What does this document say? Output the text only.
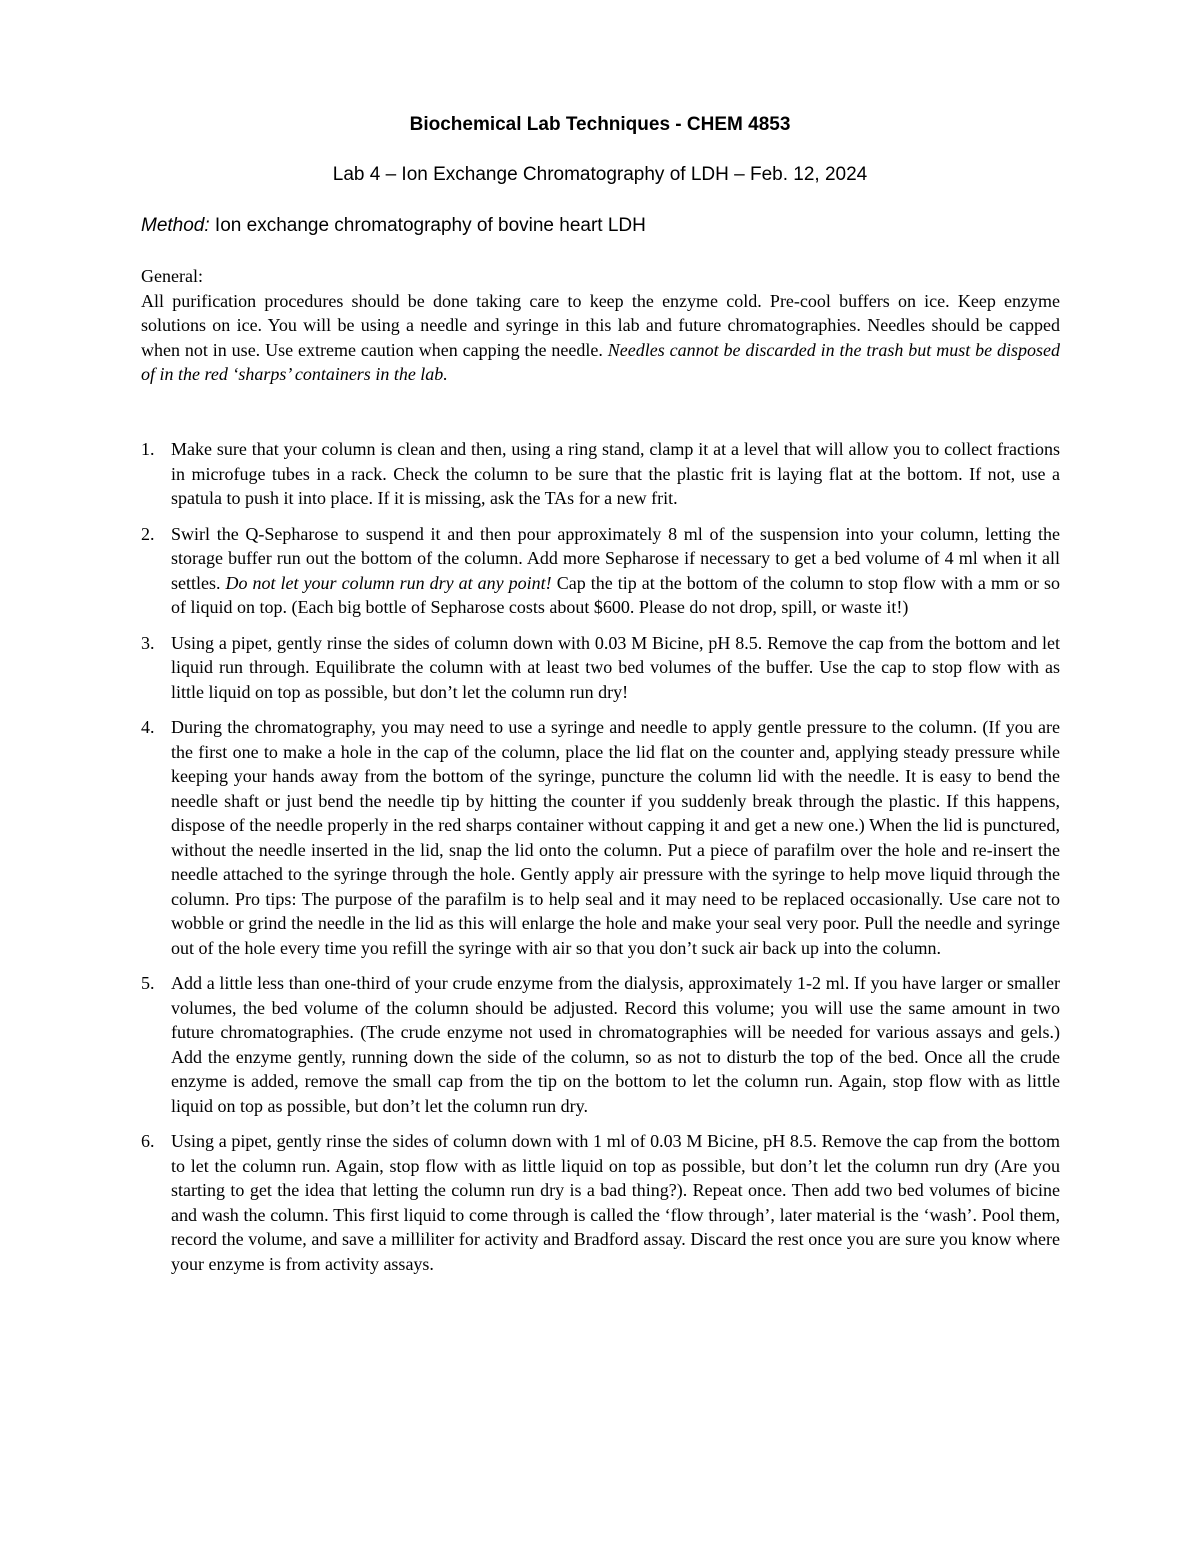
Biochemical Lab Techniques - CHEM 4853
Lab 4 – Ion Exchange Chromatography of LDH – Feb. 12, 2024
Method: Ion exchange chromatography of bovine heart LDH
General:
All purification procedures should be done taking care to keep the enzyme cold. Pre-cool buffers on ice. Keep enzyme solutions on ice. You will be using a needle and syringe in this lab and future chromatographies. Needles should be capped when not in use. Use extreme caution when capping the needle. Needles cannot be discarded in the trash but must be disposed of in the red ‘sharps’ containers in the lab.
1. Make sure that your column is clean and then, using a ring stand, clamp it at a level that will allow you to collect fractions in microfuge tubes in a rack. Check the column to be sure that the plastic frit is laying flat at the bottom. If not, use a spatula to push it into place. If it is missing, ask the TAs for a new frit.
2. Swirl the Q-Sepharose to suspend it and then pour approximately 8 ml of the suspension into your column, letting the storage buffer run out the bottom of the column. Add more Sepharose if necessary to get a bed volume of 4 ml when it all settles. Do not let your column run dry at any point! Cap the tip at the bottom of the column to stop flow with a mm or so of liquid on top. (Each big bottle of Sepharose costs about $600. Please do not drop, spill, or waste it!)
3. Using a pipet, gently rinse the sides of column down with 0.03 M Bicine, pH 8.5. Remove the cap from the bottom and let liquid run through. Equilibrate the column with at least two bed volumes of the buffer. Use the cap to stop flow with as little liquid on top as possible, but don’t let the column run dry!
4. During the chromatography, you may need to use a syringe and needle to apply gentle pressure to the column. (If you are the first one to make a hole in the cap of the column, place the lid flat on the counter and, applying steady pressure while keeping your hands away from the bottom of the syringe, puncture the column lid with the needle. It is easy to bend the needle shaft or just bend the needle tip by hitting the counter if you suddenly break through the plastic. If this happens, dispose of the needle properly in the red sharps container without capping it and get a new one.) When the lid is punctured, without the needle inserted in the lid, snap the lid onto the column. Put a piece of parafilm over the hole and re-insert the needle attached to the syringe through the hole. Gently apply air pressure with the syringe to help move liquid through the column. Pro tips: The purpose of the parafilm is to help seal and it may need to be replaced occasionally. Use care not to wobble or grind the needle in the lid as this will enlarge the hole and make your seal very poor. Pull the needle and syringe out of the hole every time you refill the syringe with air so that you don’t suck air back up into the column.
5. Add a little less than one-third of your crude enzyme from the dialysis, approximately 1-2 ml. If you have larger or smaller volumes, the bed volume of the column should be adjusted. Record this volume; you will use the same amount in two future chromatographies. (The crude enzyme not used in chromatographies will be needed for various assays and gels.) Add the enzyme gently, running down the side of the column, so as not to disturb the top of the bed. Once all the crude enzyme is added, remove the small cap from the tip on the bottom to let the column run. Again, stop flow with as little liquid on top as possible, but don’t let the column run dry.
6. Using a pipet, gently rinse the sides of column down with 1 ml of 0.03 M Bicine, pH 8.5. Remove the cap from the bottom to let the column run. Again, stop flow with as little liquid on top as possible, but don’t let the column run dry (Are you starting to get the idea that letting the column run dry is a bad thing?). Repeat once. Then add two bed volumes of bicine and wash the column. This first liquid to come through is called the ‘flow through’, later material is the ‘wash’. Pool them, record the volume, and save a milliliter for activity and Bradford assay. Discard the rest once you are sure you know where your enzyme is from activity assays.
